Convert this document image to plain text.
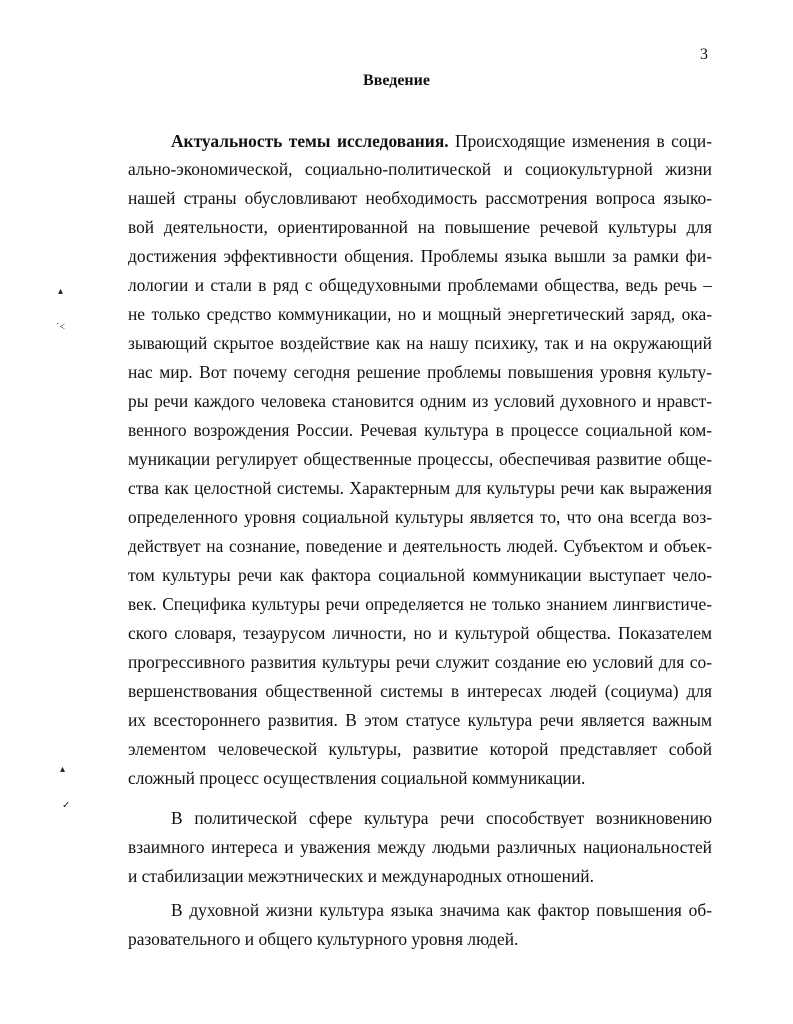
3
Введение
Актуальность темы исследования. Происходящие изменения в соци-
ально-экономической, социально-политической и социокультурной жизни
нашей страны обусловливают необходимость рассмотрения вопроса языко-
вой деятельности, ориентированной на повышение речевой культуры для
достижения эффективности общения. Проблемы языка вышли за рамки фи-
лологии и стали в ряд с общедуховными проблемами общества, ведь речь –
не только средство коммуникации, но и мощный энергетический заряд, ока-
зывающий скрытое воздействие как на нашу психику, так и на окружающий
нас мир. Вот почему сегодня решение проблемы повышения уровня культу-
ры речи каждого человека становится одним из условий духовного и нравст-
венного возрождения России. Речевая культура в процессе социальной ком-
муникации регулирует общественные процессы, обеспечивая развитие обще-
ства как целостной системы. Характерным для культуры речи как выражения
определенного уровня социальной культуры является то, что она всегда воз-
действует на сознание, поведение и деятельность людей. Субъектом и объек-
том культуры речи как фактора социальной коммуникации выступает чело-
век. Специфика культуры речи определяется не только знанием лингвистиче-
ского словаря, тезаурусом личности, но и культурой общества. Показателем
прогрессивного развития культуры речи служит создание ею условий для со-
вершенствования общественной системы в интересах людей (социума) для
их всестороннего развития. В этом статусе культура речи является важным
элементом человеческой культуры, развитие которой представляет собой
сложный процесс осуществления социальной коммуникации.
В политической сфере культура речи способствует возникновению
взаимного интереса и уважения между людьми различных национальностей
и стабилизации межэтнических и международных отношений.
В духовной жизни культура языка значима как фактор повышения об-
разовательного и общего культурного уровня людей.
▴
˙˂
▴
✓
